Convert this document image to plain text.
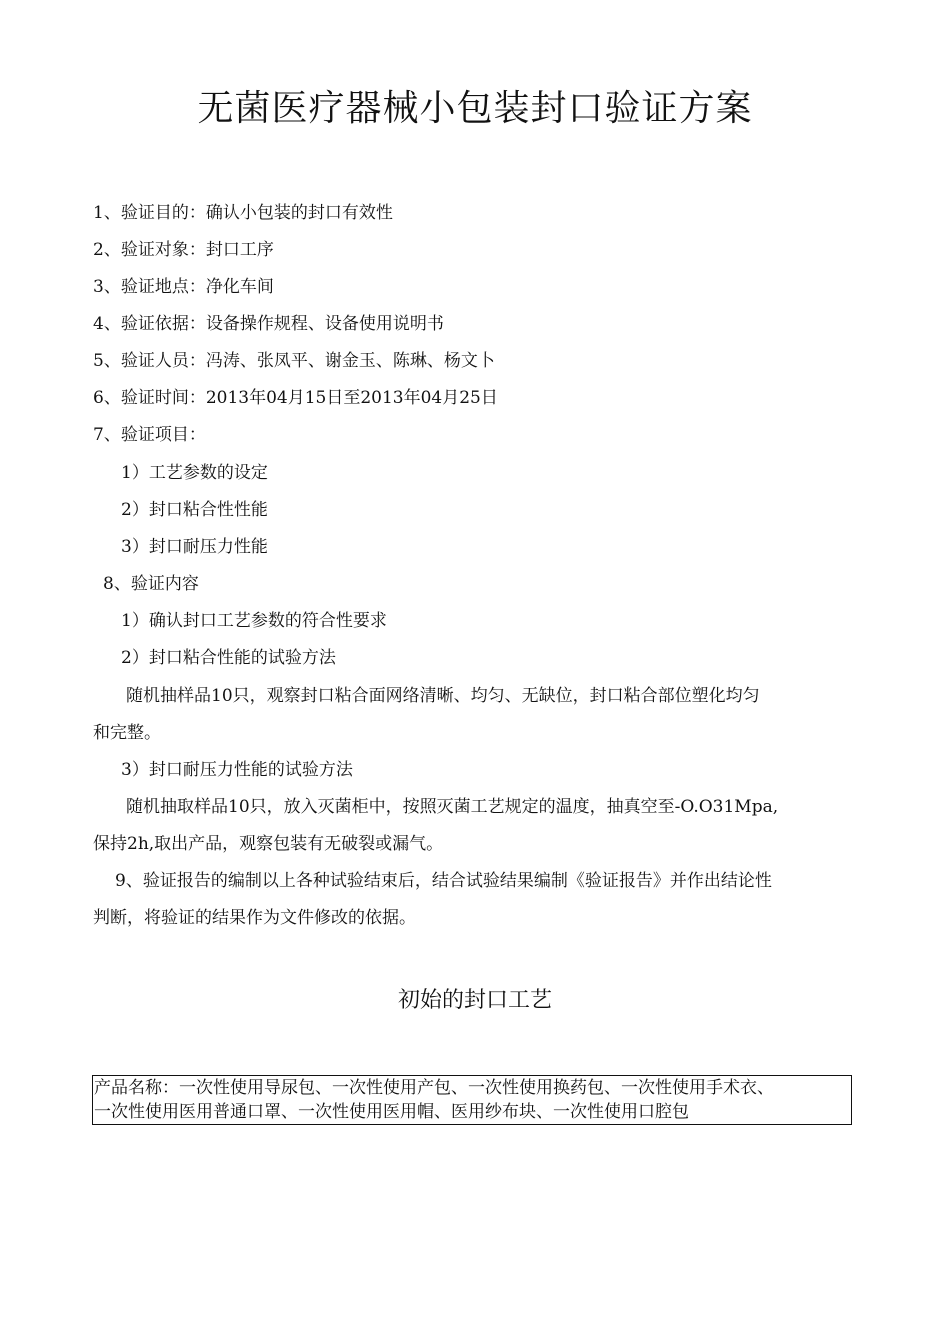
无菌医疗器械小包装封口验证方案
1、验证目的：确认小包装的封口有效性
2、验证对象：封口工序
3、验证地点：净化车间
4、验证依据：设备操作规程、设备使用说明书
5、验证人员：冯涛、张凤平、谢金玉、陈琳、杨文卜
6、验证时间：2013年04月15日至2013年04月25日
7、验证项目：
1）工艺参数的设定
2）封口粘合性性能
3）封口耐压力性能
8、验证内容
1）确认封口工艺参数的符合性要求
2）封口粘合性能的试验方法
随机抽样品10只，观察封口粘合面网络清晰、均匀、无缺位，封口粘合部位塑化均匀
和完整。
3）封口耐压力性能的试验方法
随机抽取样品10只，放入灭菌柜中，按照灭菌工艺规定的温度，抽真空至-O.O31Mpa,
保持2h,取出产品，观察包装有无破裂或漏气。
9、验证报告的编制以上各种试验结束后，结合试验结果编制《验证报告》并作出结论性
判断，将验证的结果作为文件修改的依据。
初始的封口工艺
产品名称：一次性使用导尿包、一次性使用产包、一次性使用换药包、一次性使用手术衣、
一次性使用医用普通口罩、一次性使用医用帽、医用纱布块、一次性使用口腔包
